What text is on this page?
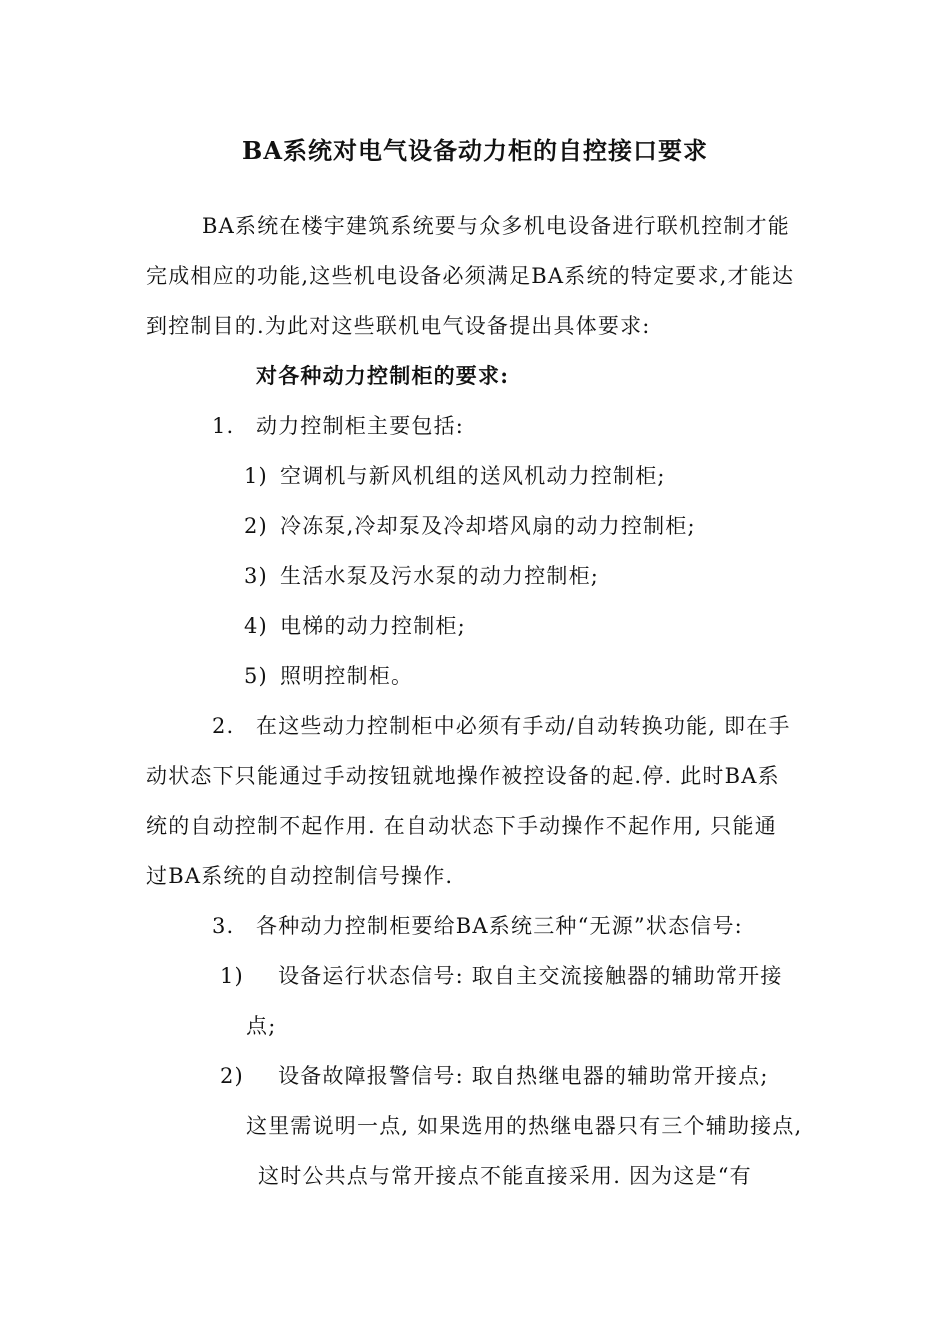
BA系统对电气设备动力柜的自控接口要求
BA系统在楼宇建筑系统要与众多机电设备进行联机控制才能
完成相应的功能,这些机电设备必须满足BA系统的特定要求,才能达
到控制目的.为此对这些联机电气设备提出具体要求:
对各种动力控制柜的要求:
1. 动力控制柜主要包括:
1) 空调机与新风机组的送风机动力控制柜;
2) 冷冻泵,冷却泵及冷却塔风扇的动力控制柜;
3) 生活水泵及污水泵的动力控制柜;
4) 电梯的动力控制柜;
5) 照明控制柜。
2. 在这些动力控制柜中必须有手动/自动转换功能, 即在手
动状态下只能通过手动按钮就地操作被控设备的起.停. 此时BA系
统的自动控制不起作用. 在自动状态下手动操作不起作用, 只能通
过BA系统的自动控制信号操作.
3. 各种动力控制柜要给BA系统三种“无源”状态信号:
1) 设备运行状态信号: 取自主交流接触器的辅助常开接
点;
2) 设备故障报警信号: 取自热继电器的辅助常开接点;
这里需说明一点, 如果选用的热继电器只有三个辅助接点,
这时公共点与常开接点不能直接采用. 因为这是“有
